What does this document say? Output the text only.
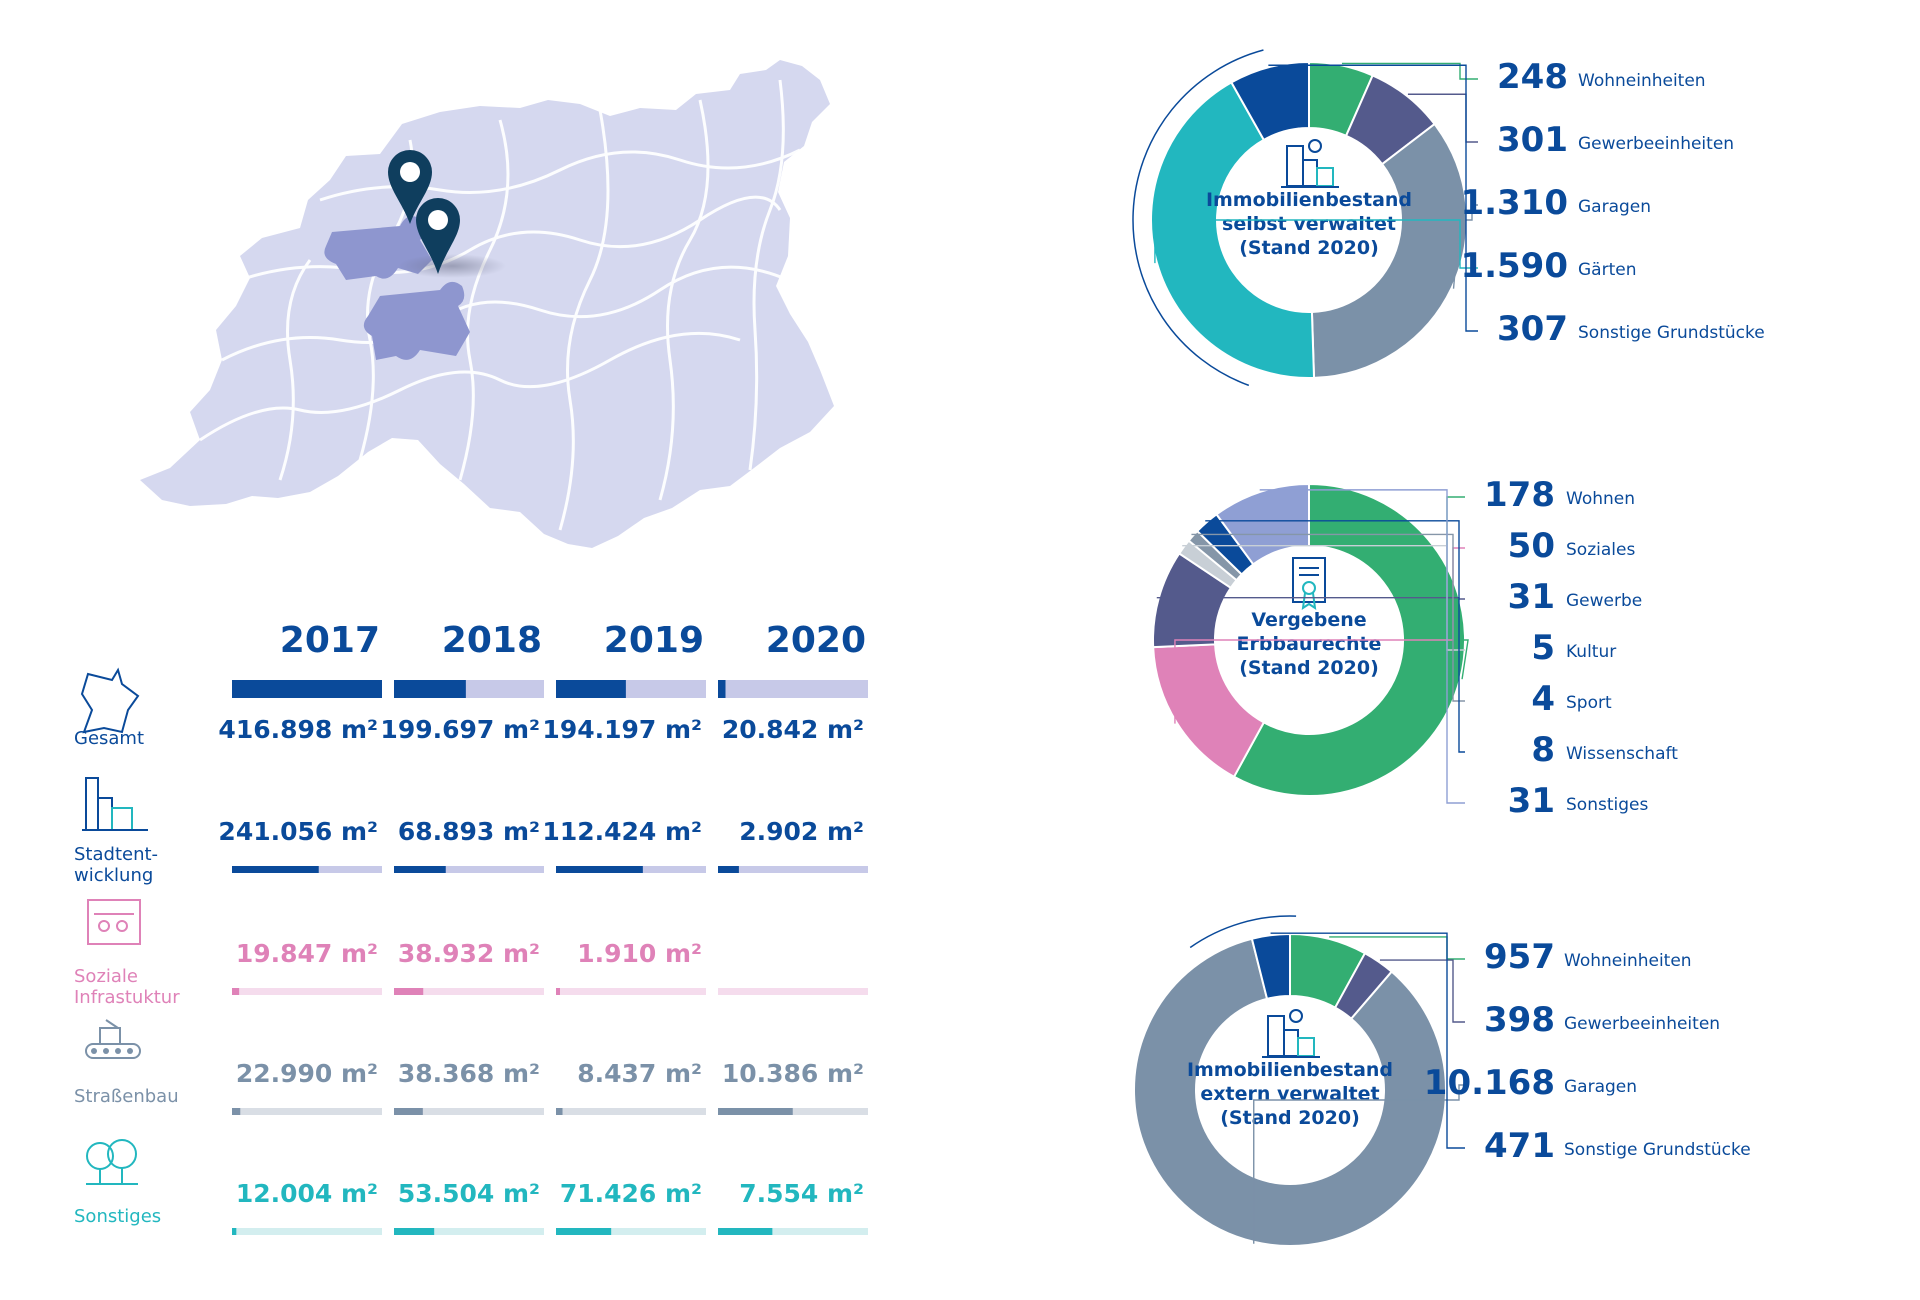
Immobilienbestand
selbst verwaltet
(Stand 2020)
248 Wohneinheiten
301 Gewerbeeinheiten
1.310 Garagen
1.590 Gärten
307 Sonstige Grundstücke
Vergebene
Erbbaurechte
(Stand 2020)
178 Wohnen
50 Soziales
31 Gewerbe
5 Kultur
4 Sport
8 Wissenschaft
31 Sonstiges
Immobilienbestand
extern verwaltet
(Stand 2020)
957 Wohneinheiten
398 Gewerbeeinheiten
10.168 Garagen
471 Sonstige Grundstücke
2017 2018 2019 2020
Gesamt	416.898 m² 199.697 m² 194.197 m² 20.842 m²
Stadtent-
wicklung
241.056 m² 68.893 m² 112.424 m² 2.902 m²
Soziale
Infrastuktur
19.847 m² 38.932 m² 1.910 m²
Straßenbau
22.990 m² 38.368 m² 8.437 m² 10.386 m²
Sonstiges
12.004 m² 53.504 m² 71.426 m² 7.554 m²
